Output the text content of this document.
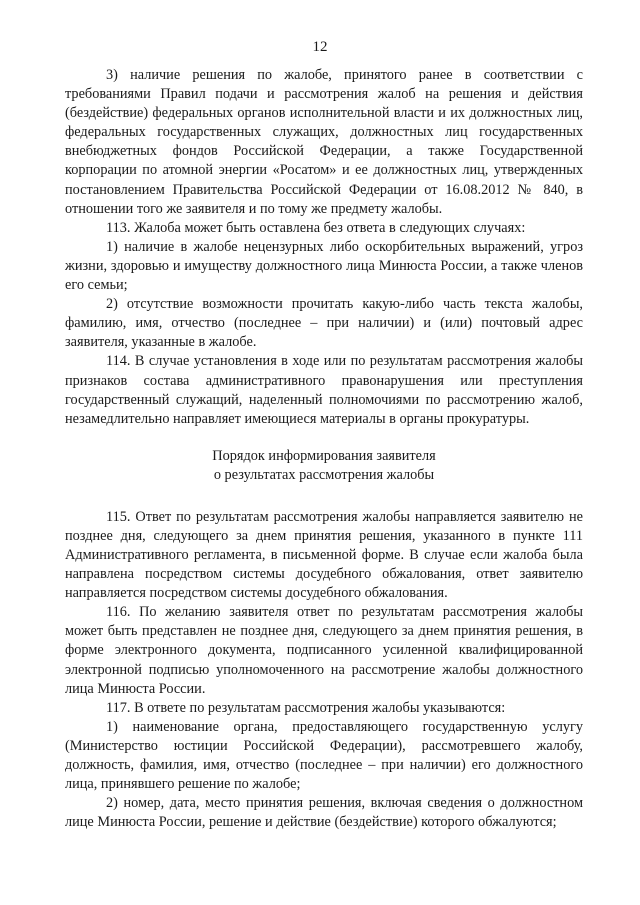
12

3) наличие решения по жалобе, принятого ранее в соответствии с требованиями Правил подачи и рассмотрения жалоб на решения и действия (бездействие) федеральных органов исполнительной власти и их должностных лиц, федеральных государственных служащих, должностных лиц государственных внебюджетных фондов Российской Федерации, а также Государственной корпорации по атомной энергии «Росатом» и ее должностных лиц, утвержденных постановлением Правительства Российской Федерации от 16.08.2012 № 840, в отношении того же заявителя и по тому же предмету жалобы.

113. Жалоба может быть оставлена без ответа в следующих случаях:

1) наличие в жалобе нецензурных либо оскорбительных выражений, угроз жизни, здоровью и имуществу должностного лица Минюста России, а также членов его семьи;

2) отсутствие возможности прочитать какую-либо часть текста жалобы, фамилию, имя, отчество (последнее – при наличии) и (или) почтовый адрес заявителя, указанные в жалобе.

114. В случае установления в ходе или по результатам рассмотрения жалобы признаков состава административного правонарушения или преступления государственный служащий, наделенный полномочиями по рассмотрению жалоб, незамедлительно направляет имеющиеся материалы в органы прокуратуры.

Порядок информирования заявителя

о результатах рассмотрения жалобы

115. Ответ по результатам рассмотрения жалобы направляется заявителю не позднее дня, следующего за днем принятия решения, указанного в пункте 111 Административного регламента, в письменной форме. В случае если жалоба была направлена посредством системы досудебного обжалования, ответ заявителю направляется посредством системы досудебного обжалования.

116. По желанию заявителя ответ по результатам рассмотрения жалобы может быть представлен не позднее дня, следующего за днем принятия решения, в форме электронного документа, подписанного усиленной квалифицированной электронной подписью уполномоченного на рассмотрение жалобы должностного лица Минюста России.

117. В ответе по результатам рассмотрения жалобы указываются:

1) наименование органа, предоставляющего государственную услугу (Министерство юстиции Российской Федерации), рассмотревшего жалобу, должность, фамилия, имя, отчество (последнее – при наличии) его должностного лица, принявшего решение по жалобе;

2) номер, дата, место принятия решения, включая сведения о должностном лице Минюста России, решение и действие (бездействие) которого обжалуются;
